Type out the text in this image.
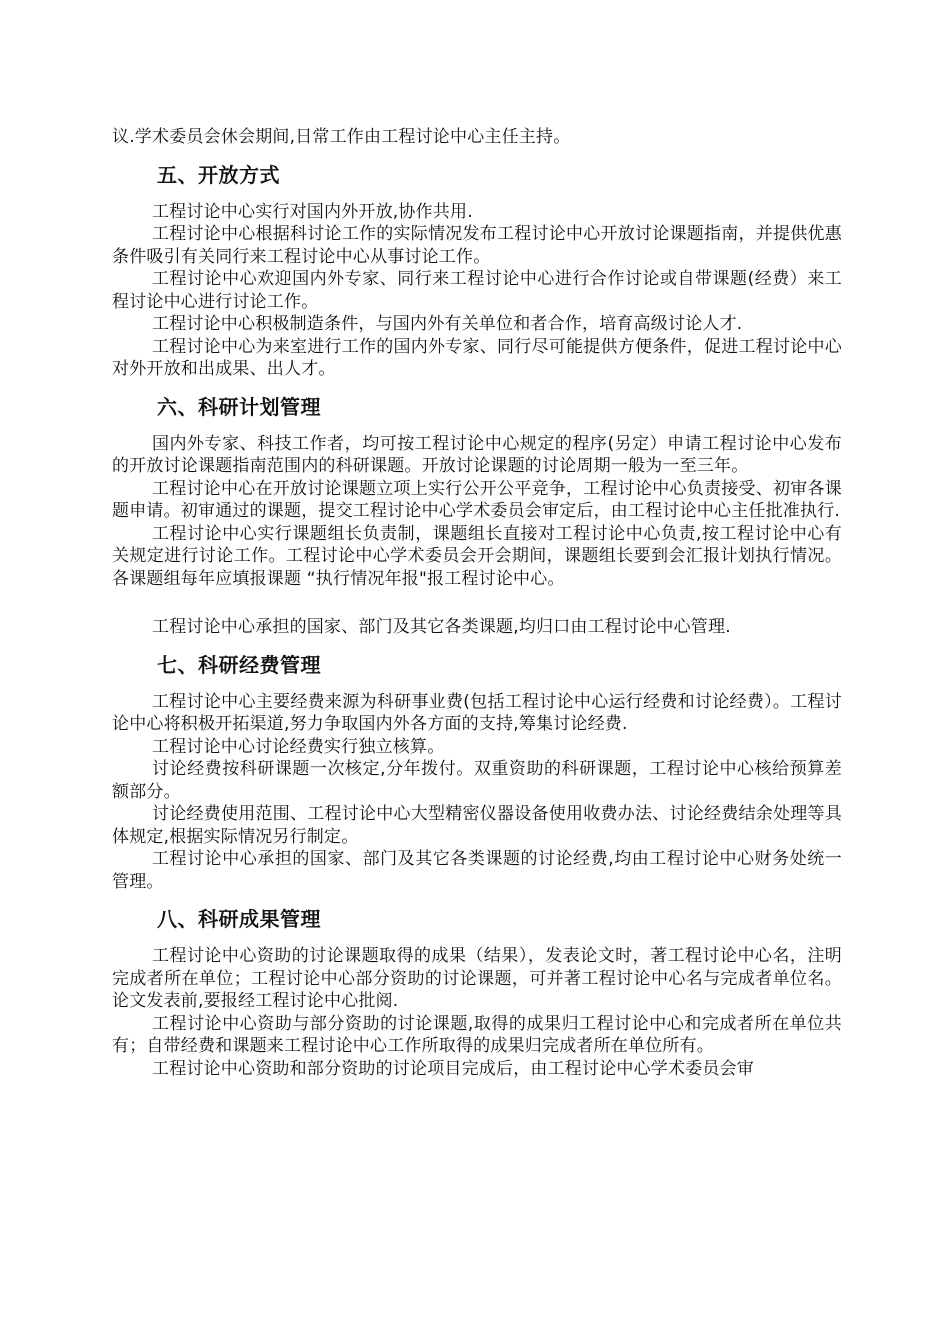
议.学术委员会休会期间,日常工作由工程讨论中心主任主持。

五、开放方式

工程讨论中心实行对国内外开放,协作共用.

工程讨论中心根据科讨论工作的实际情况发布工程讨论中心开放讨论课题指南，并提供优惠条件吸引有关同行来工程讨论中心从事讨论工作。

工程讨论中心欢迎国内外专家、同行来工程讨论中心进行合作讨论或自带课题(经费）来工程讨论中心进行讨论工作。

工程讨论中心积极制造条件，与国内外有关单位和者合作，培育高级讨论人才.

工程讨论中心为来室进行工作的国内外专家、同行尽可能提供方便条件，促进工程讨论中心对外开放和出成果、出人才。

六、科研计划管理

国内外专家、科技工作者，均可按工程讨论中心规定的程序(另定）申请工程讨论中心发布的开放讨论课题指南范围内的科研课题。开放讨论课题的讨论周期一般为一至三年。

工程讨论中心在开放讨论课题立项上实行公开公平竞争，工程讨论中心负责接受、初审各课题申请。初审通过的课题，提交工程讨论中心学术委员会审定后，由工程讨论中心主任批准执行.

工程讨论中心实行课题组长负责制，课题组长直接对工程讨论中心负责,按工程讨论中心有关规定进行讨论工作。工程讨论中心学术委员会开会期间，课题组长要到会汇报计划执行情况。各课题组每年应填报课题 “执行情况年报"报工程讨论中心。

工程讨论中心承担的国家、部门及其它各类课题,均归口由工程讨论中心管理.

七、科研经费管理

工程讨论中心主要经费来源为科研事业费(包括工程讨论中心运行经费和讨论经费）。工程讨论中心将积极开拓渠道,努力争取国内外各方面的支持,筹集讨论经费.

工程讨论中心讨论经费实行独立核算。

讨论经费按科研课题一次核定,分年拨付。双重资助的科研课题，工程讨论中心核给预算差额部分。

讨论经费使用范围、工程讨论中心大型精密仪器设备使用收费办法、讨论经费结余处理等具体规定,根据实际情况另行制定。

工程讨论中心承担的国家、部门及其它各类课题的讨论经费,均由工程讨论中心财务处统一管理。

八、科研成果管理

工程讨论中心资助的讨论课题取得的成果（结果），发表论文时，著工程讨论中心名，注明完成者所在单位；工程讨论中心部分资助的讨论课题，可并著工程讨论中心名与完成者单位名。论文发表前,要报经工程讨论中心批阅.

工程讨论中心资助与部分资助的讨论课题,取得的成果归工程讨论中心和完成者所在单位共有；自带经费和课题来工程讨论中心工作所取得的成果归完成者所在单位所有。

工程讨论中心资助和部分资助的讨论项目完成后，由工程讨论中心学术委员会审
